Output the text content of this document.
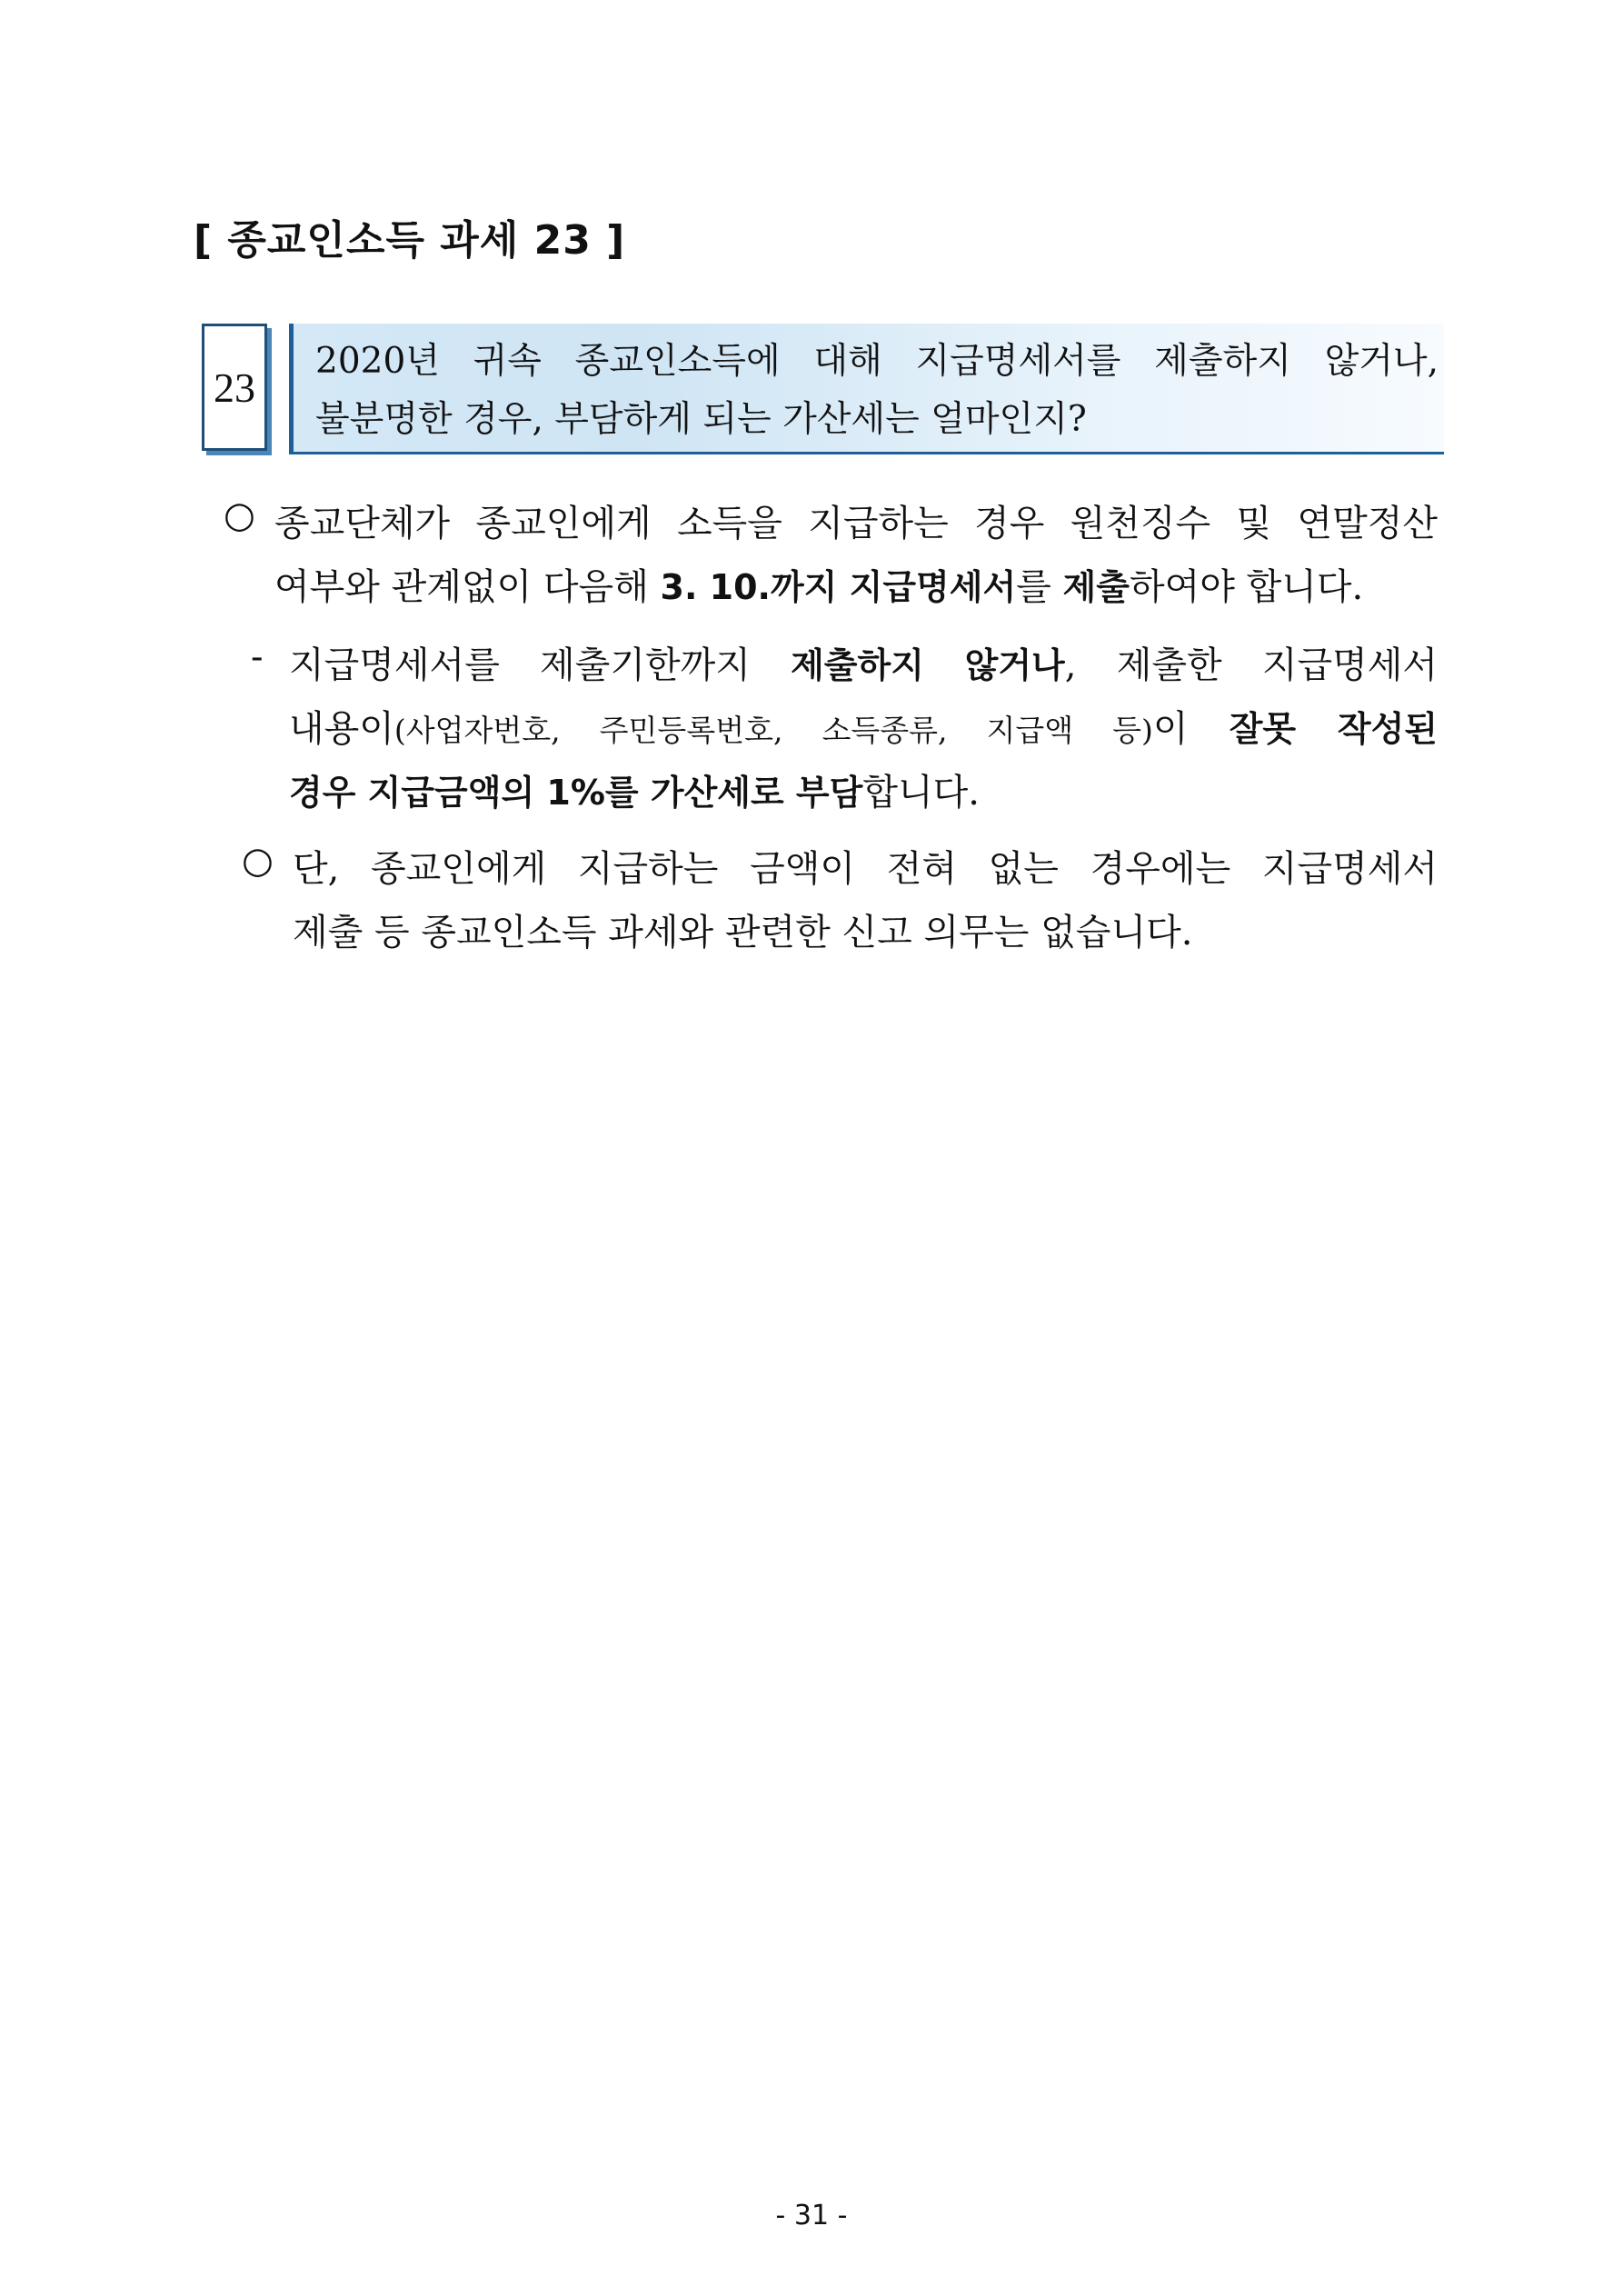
[ 종교인소득 과세 23 ]
23
2020년 귀속 종교인소득에 대해 지급명세서를 제출하지 않거나,
불분명한 경우, 부담하게 되는 가산세는 얼마인지?
○ 종교단체가 종교인에게 소득을 지급하는 경우 원천징수 및 연말정산
여부와 관계없이 다음해 3. 10.까지 지급명세서를 제출하여야 합니다.
- 지급명세서를 제출기한까지 제출하지 않거나, 제출한 지급명세서
내용이(사업자번호, 주민등록번호, 소득종류, 지급액 등)이 잘못 작성된
경우 지급금액의 1%를 가산세로 부담합니다.
○ 단, 종교인에게 지급하는 금액이 전혀 없는 경우에는 지급명세서
제출 등 종교인소득 과세와 관련한 신고 의무는 없습니다.
- 31 -
